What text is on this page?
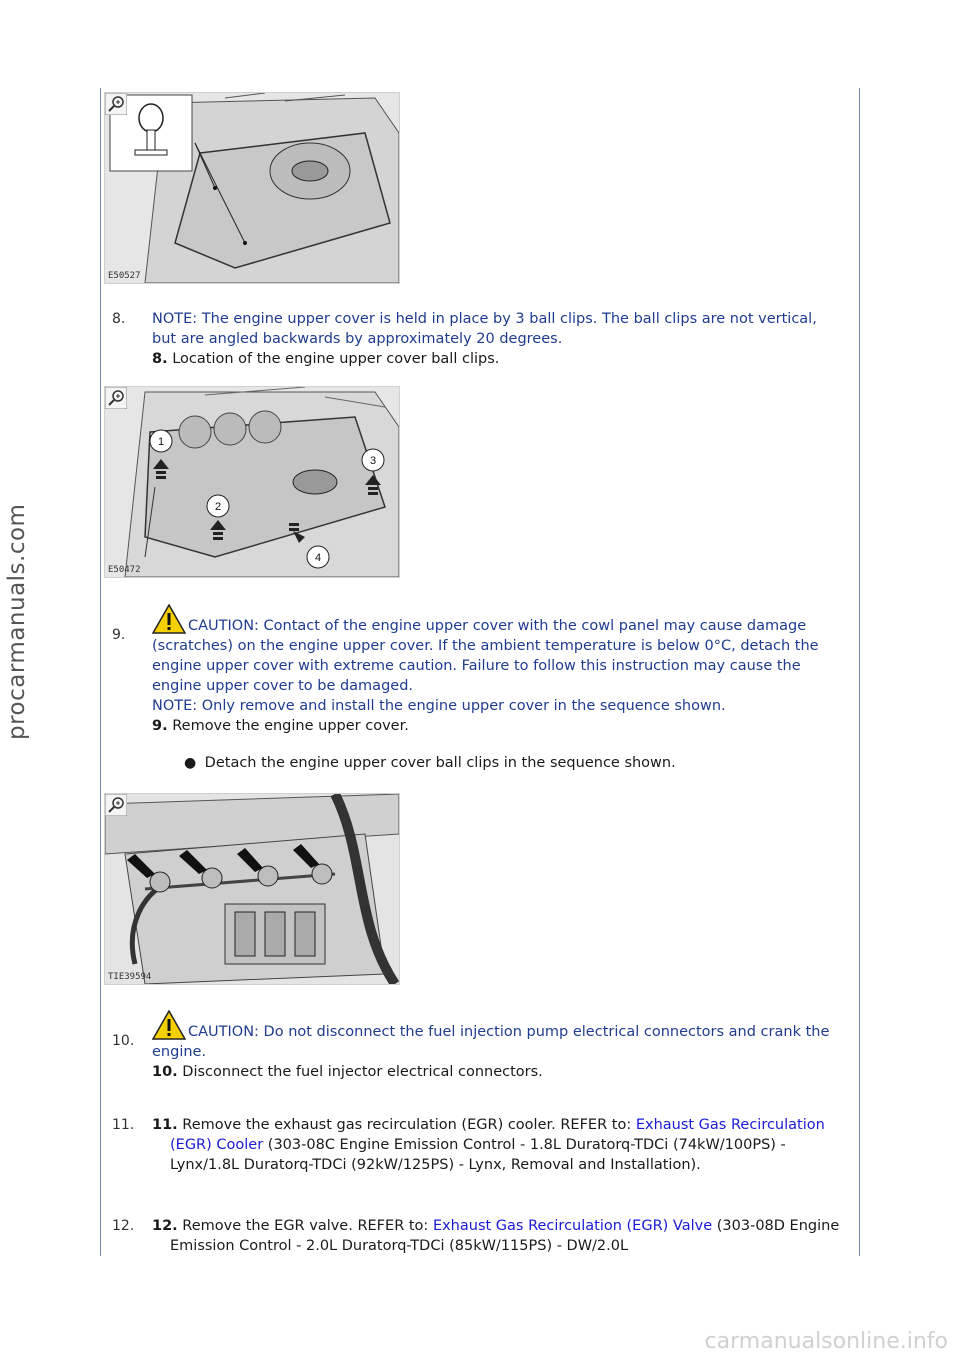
procarmanuals.com
carmanualsonline.info
E50527
8. NOTE: The engine upper cover is held in place by 3 ball clips. The ball clips are not vertical, but are angled backwards by approximately 20 degrees.
8. Location of the engine upper cover ball clips.
1
2
3
4
E50472
9.
CAUTION: Contact of the engine upper cover with the cowl panel may cause damage (scratches) on the engine upper cover. If the ambient temperature is below 0°C, detach the engine upper cover with extreme caution. Failure to follow this instruction may cause the engine upper cover to be damaged.
NOTE: Only remove and install the engine upper cover in the sequence shown.
9. Remove the engine upper cover.
● Detach the engine upper cover ball clips in the sequence shown.
TIE39594
10.
CAUTION: Do not disconnect the fuel injection pump electrical connectors and crank the engine.
10. Disconnect the fuel injector electrical connectors.
11. 11. Remove the exhaust gas recirculation (EGR) cooler. REFER to: Exhaust Gas Recirculation (EGR) Cooler (303-08C Engine Emission Control - 1.8L Duratorq-TDCi (74kW/100PS) - Lynx/1.8L Duratorq-TDCi (92kW/125PS) - Lynx, Removal and Installation).
12. 12. Remove the EGR valve. REFER to: Exhaust Gas Recirculation (EGR) Valve (303-08D Engine Emission Control - 2.0L Duratorq-TDCi (85kW/115PS) - DW/2.0L
